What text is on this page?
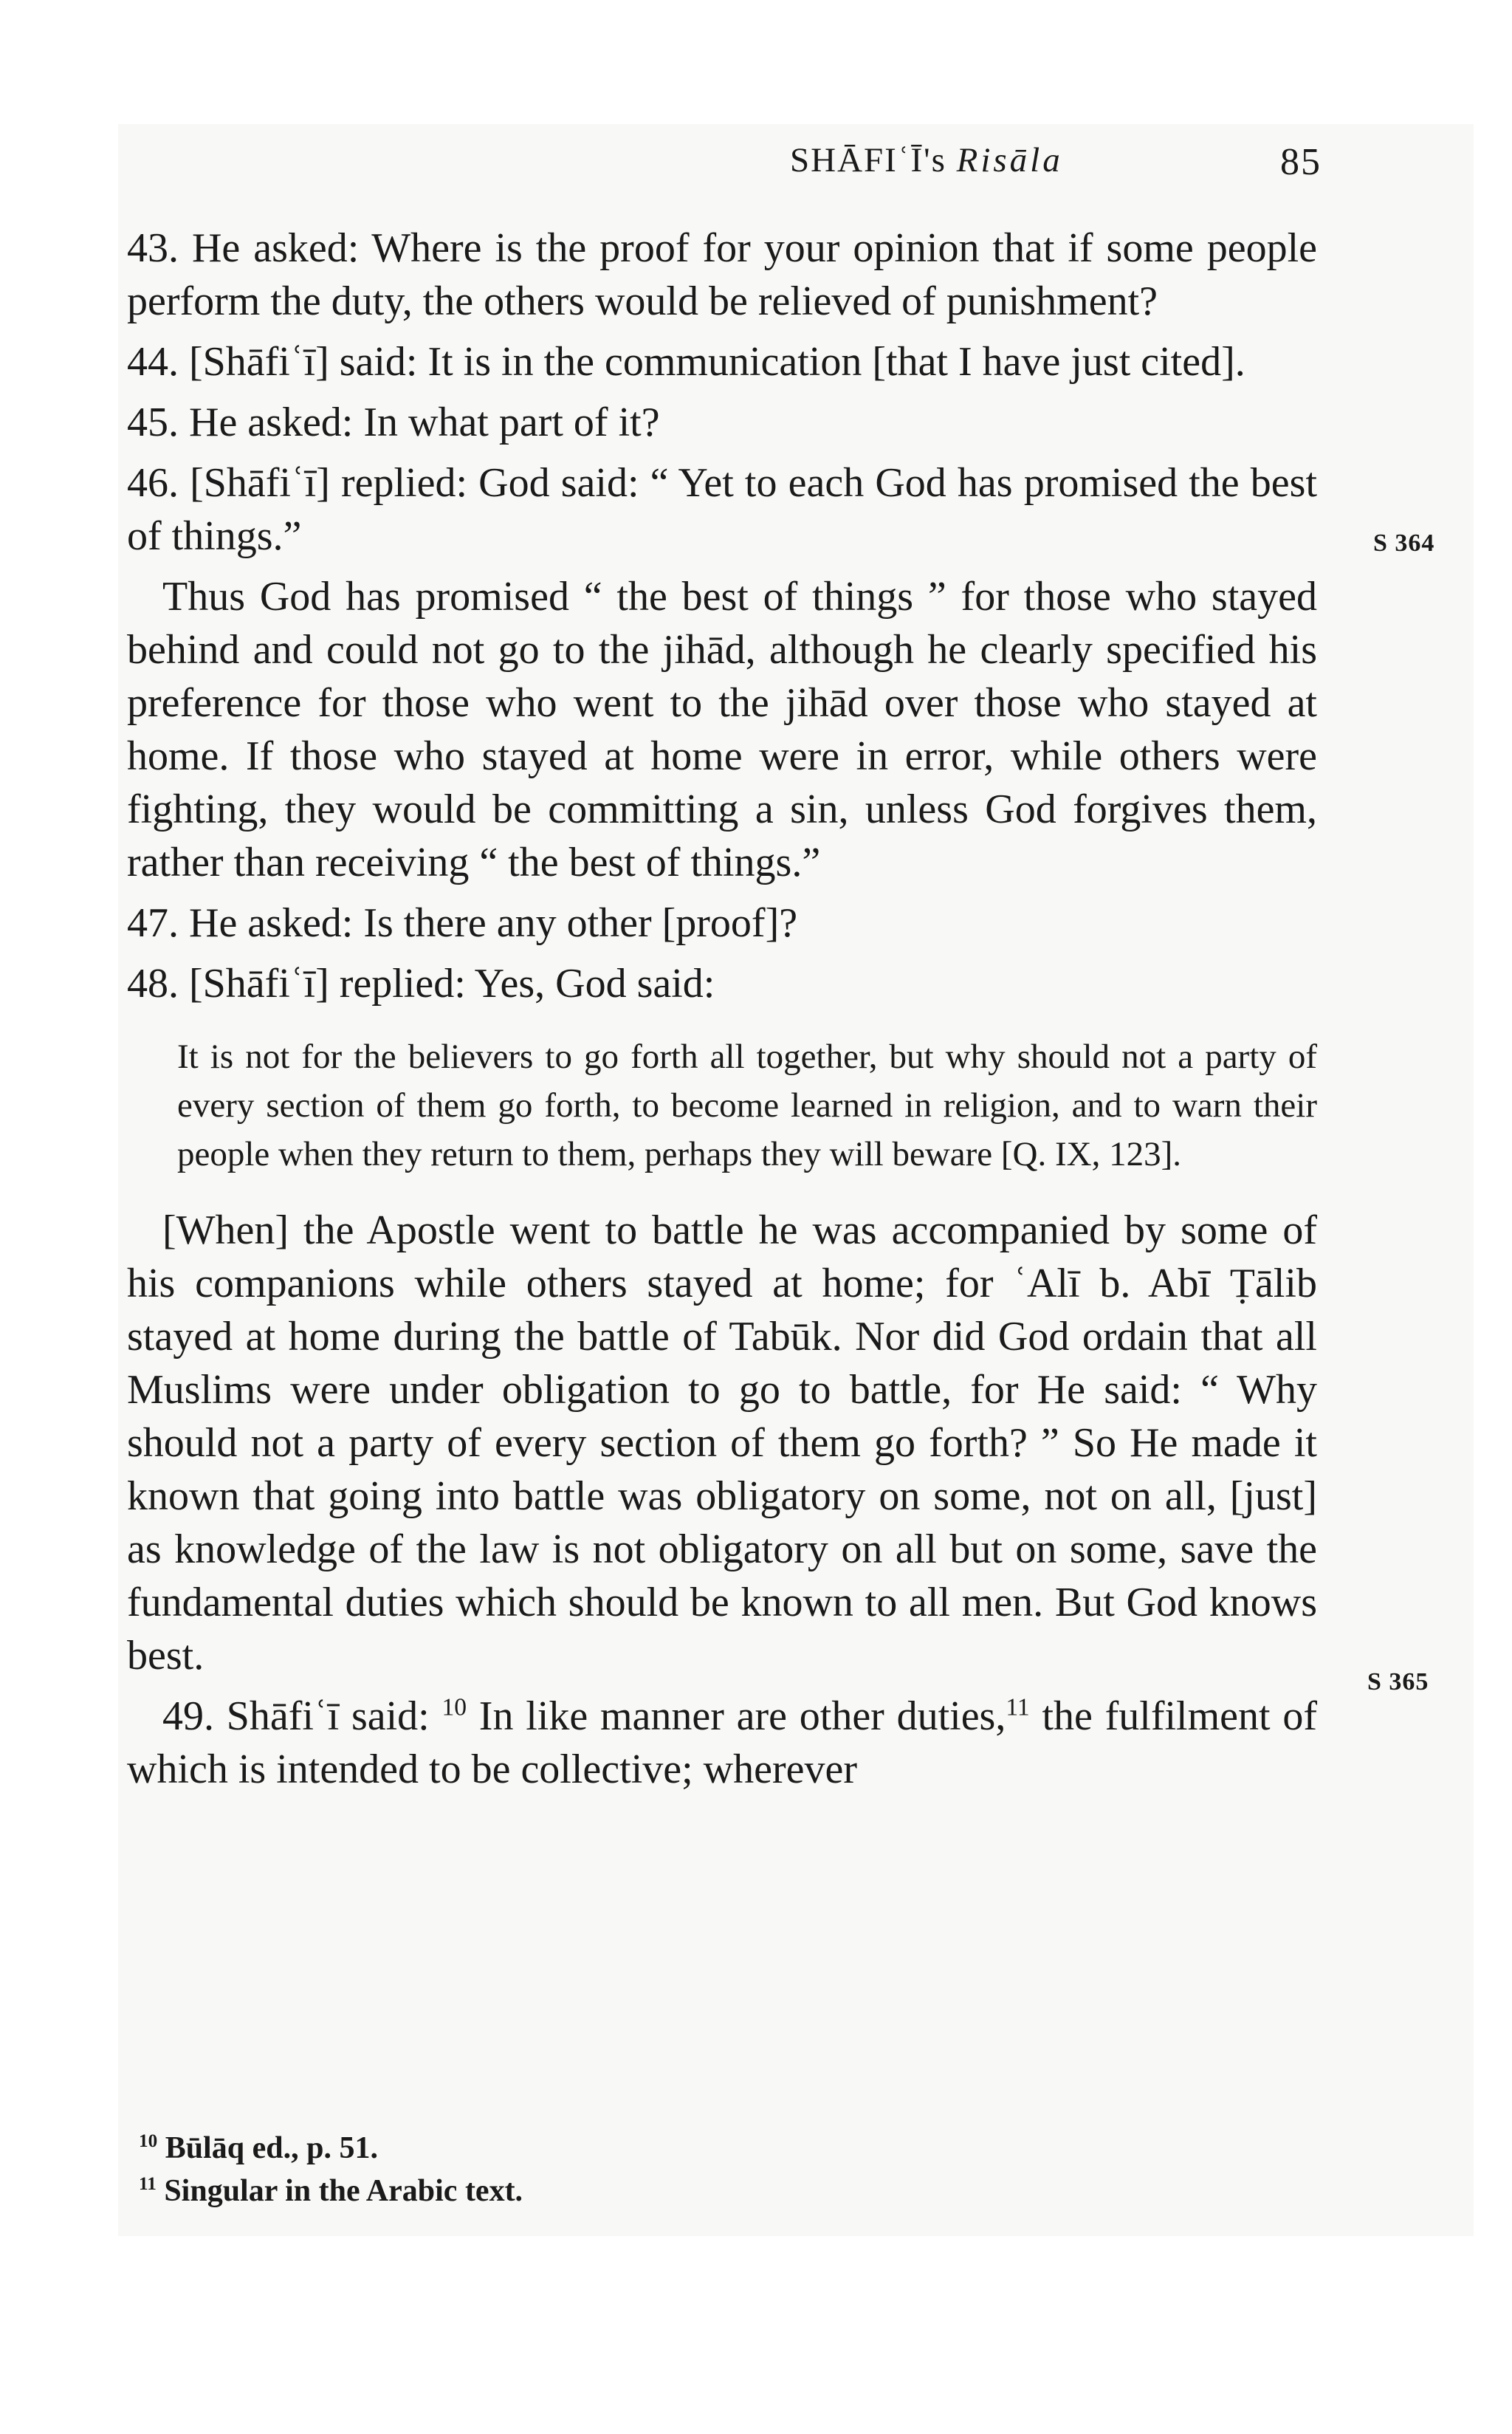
SHĀFIʿĪ's Risāla	85
S 364
S 365

43. He asked: Where is the proof for your opinion that if some people perform the duty, the others would be relieved of punishment?

44. [Shāfiʿī] said: It is in the communication [that I have just cited].

45. He asked: In what part of it?

46. [Shāfiʿī] replied: God said: “ Yet to each God has promised the best of things.”

Thus God has promised “ the best of things ” for those who stayed behind and could not go to the jihād, although he clearly specified his preference for those who went to the jihād over those who stayed at home. If those who stayed at home were in error, while others were fighting, they would be committing a sin, unless God forgives them, rather than receiving “ the best of things.”

47. He asked: Is there any other [proof]?

48. [Shāfiʿī] replied: Yes, God said:

It is not for the believers to go forth all together, but why should not a party of every section of them go forth, to become learned in religion, and to warn their people when they return to them, perhaps they will beware [Q. IX, 123].

[When] the Apostle went to battle he was accompanied by some of his companions while others stayed at home; for ʿAlī b. Abī Ṭālib stayed at home during the battle of Tabūk. Nor did God ordain that all Muslims were under obligation to go to battle, for He said: “ Why should not a party of every section of them go forth? ” So He made it known that going into battle was obligatory on some, not on all, [just] as knowledge of the law is not obligatory on all but on some, save the fundamental duties which should be known to all men. But God knows best.

49. Shāfiʿī said: $^{10}$ In like manner are other duties,$^{11}$ the fulfilment of which is intended to be collective; wherever

$^{10}$ Būlāq ed., p. 51.
$^{11}$ Singular in the Arabic text.
